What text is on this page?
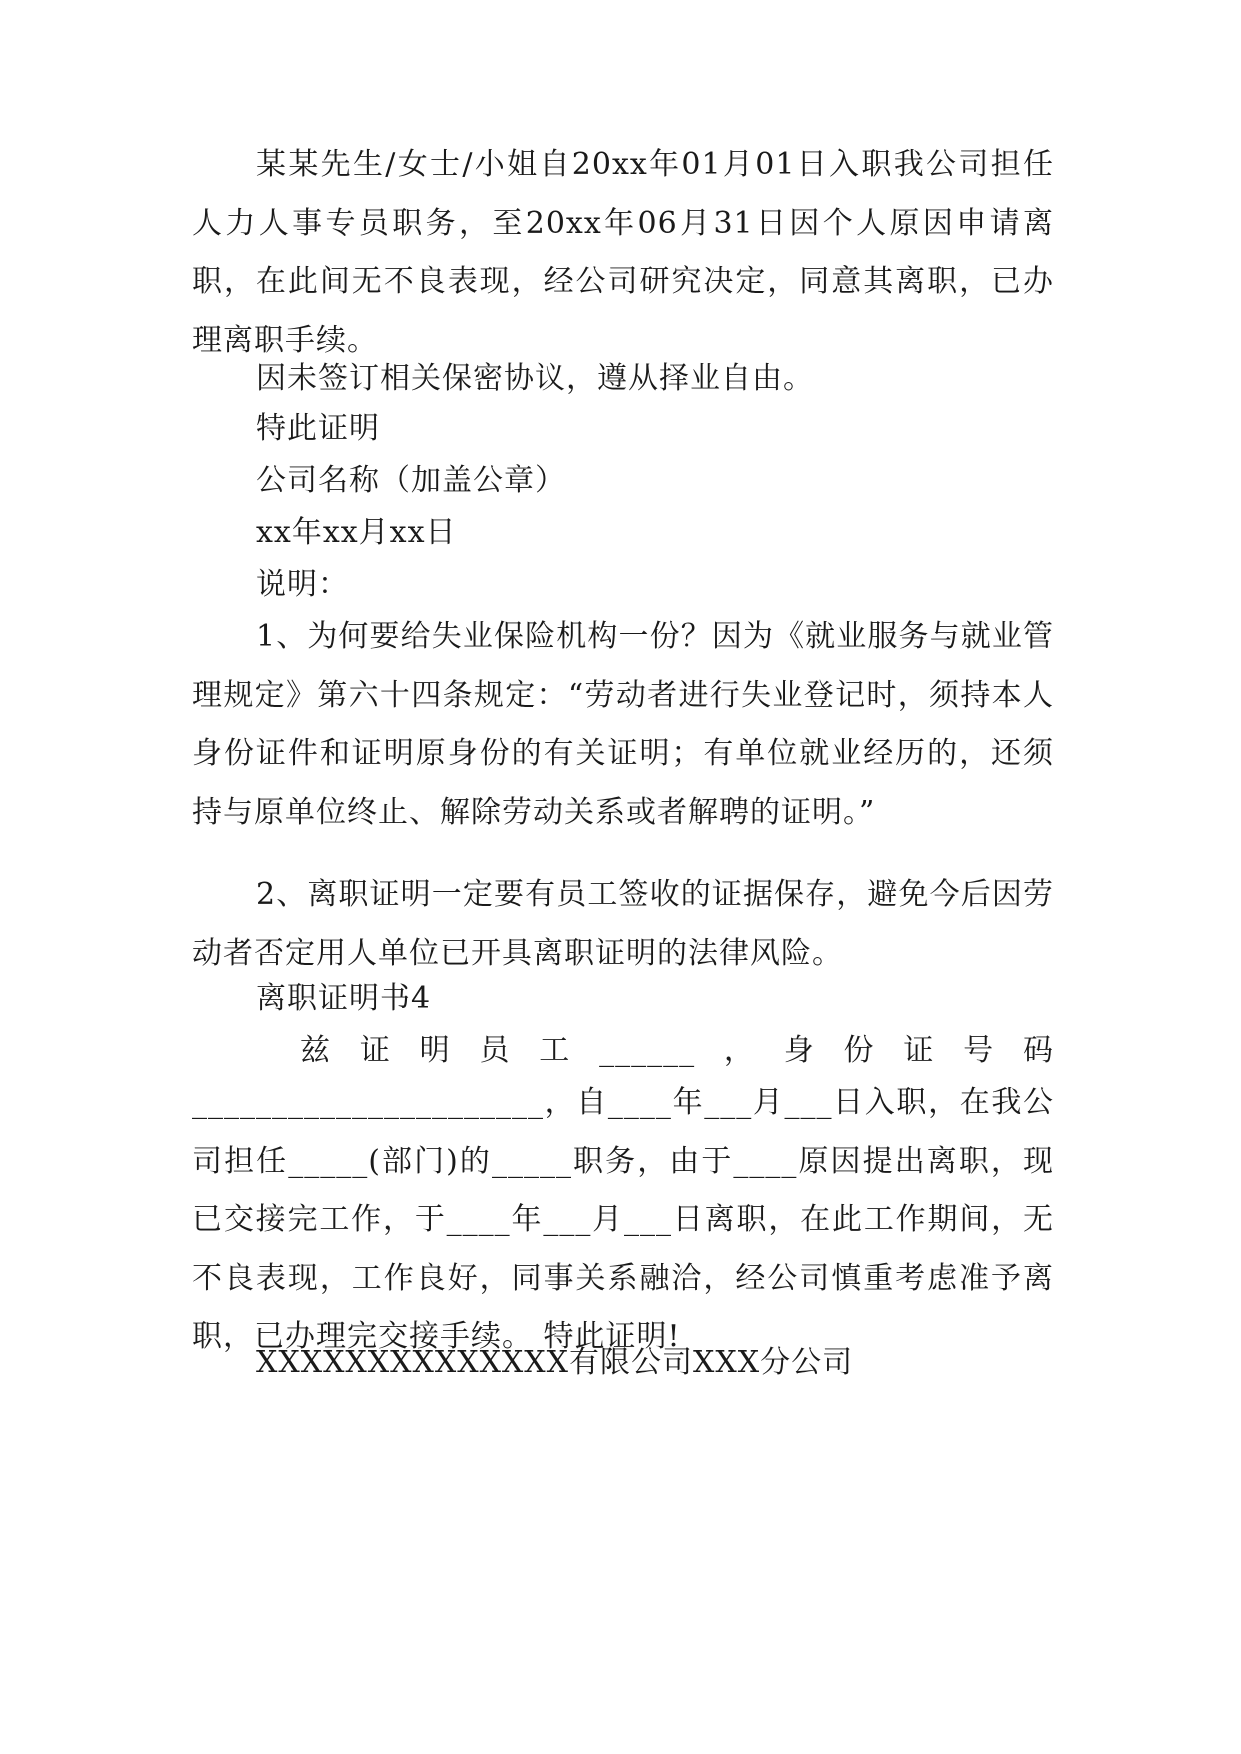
某某先生/女士/小姐自20xx年01月01日入职我公司担任人力人事专员职务，至20xx年06月31日因个人原因申请离职，在此间无不良表现，经公司研究决定，同意其离职，已办理离职手续。

因未签订相关保密协议，遵从择业自由。

特此证明

公司名称（加盖公章）

xx年xx月xx日

说明：

1、为何要给失业保险机构一份？因为《就业服务与就业管理规定》第六十四条规定：“劳动者进行失业登记时，须持本人身份证件和证明原身份的有关证明；有单位就业经历的，还须持与原单位终止、解除劳动关系或者解聘的证明。”

2、离职证明一定要有员工签收的证据保存，避免今后因劳动者否定用人单位已开具离职证明的法律风险。

离职证明书4

兹证明员工______，身份证号码

______________________，自____年___月___日入职，在我公司担任_____(部门)的_____职务，由于____原因提出离职，现已交接完工作，于____年___月___日离职，在此工作期间，无不良表现，工作良好，同事关系融洽，经公司慎重考虑准予离职，已办理完交接手续。 特此证明!

XXXXXXXXXXXXXX有限公司XXX分公司
